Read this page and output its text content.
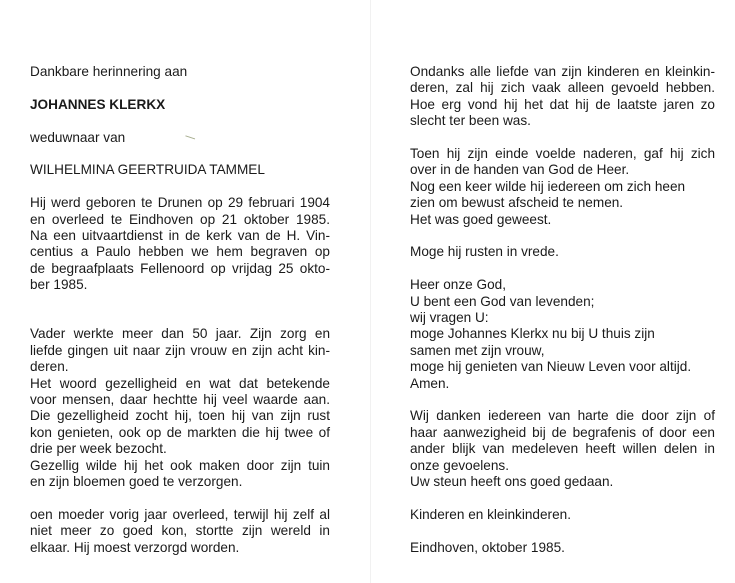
Dankbare herinnering aan
JOHANNES KLERKX
weduwnaar van
WILHELMINA GEERTRUIDA TAMMEL
Hij werd geboren te Drunen op 29 februari 1904
en overleed te Eindhoven op 21 oktober 1985.
Na een uitvaartdienst in de kerk van de H. Vin-
centius a Paulo hebben we hem begraven op
de begraafplaats Fellenoord op vrijdag 25 okto-
ber 1985.
Vader werkte meer dan 50 jaar. Zijn zorg en
liefde gingen uit naar zijn vrouw en zijn acht kin-
deren.
Het woord gezelligheid en wat dat betekende
voor mensen, daar hechtte hij veel waarde aan.
Die gezelligheid zocht hij, toen hij van zijn rust
kon genieten, ook op de markten die hij twee of
drie per week bezocht.
Gezellig wilde hij het ook maken door zijn tuin
en zijn bloemen goed te verzorgen.
oen moeder vorig jaar overleed, terwijl hij zelf al
niet meer zo goed kon, stortte zijn wereld in
elkaar. Hij moest verzorgd worden.
Ondanks alle liefde van zijn kinderen en kleinkin-
deren, zal hij zich vaak alleen gevoeld hebben.
Hoe erg vond hij het dat hij de laatste jaren zo
slecht ter been was.
Toen hij zijn einde voelde naderen, gaf hij zich
over in de handen van God de Heer.
Nog een keer wilde hij iedereen om zich heen
zien om bewust afscheid te nemen.
Het was goed geweest.
Moge hij rusten in vrede.
Heer onze God,
U bent een God van levenden;
wij vragen U:
moge Johannes Klerkx nu bij U thuis zijn
samen met zijn vrouw,
moge hij genieten van Nieuw Leven voor altijd.
Amen.
Wij danken iedereen van harte die door zijn of
haar aanwezigheid bij de begrafenis of door een
ander blijk van medeleven heeft willen delen in
onze gevoelens.
Uw steun heeft ons goed gedaan.
Kinderen en kleinkinderen.
Eindhoven, oktober 1985.
